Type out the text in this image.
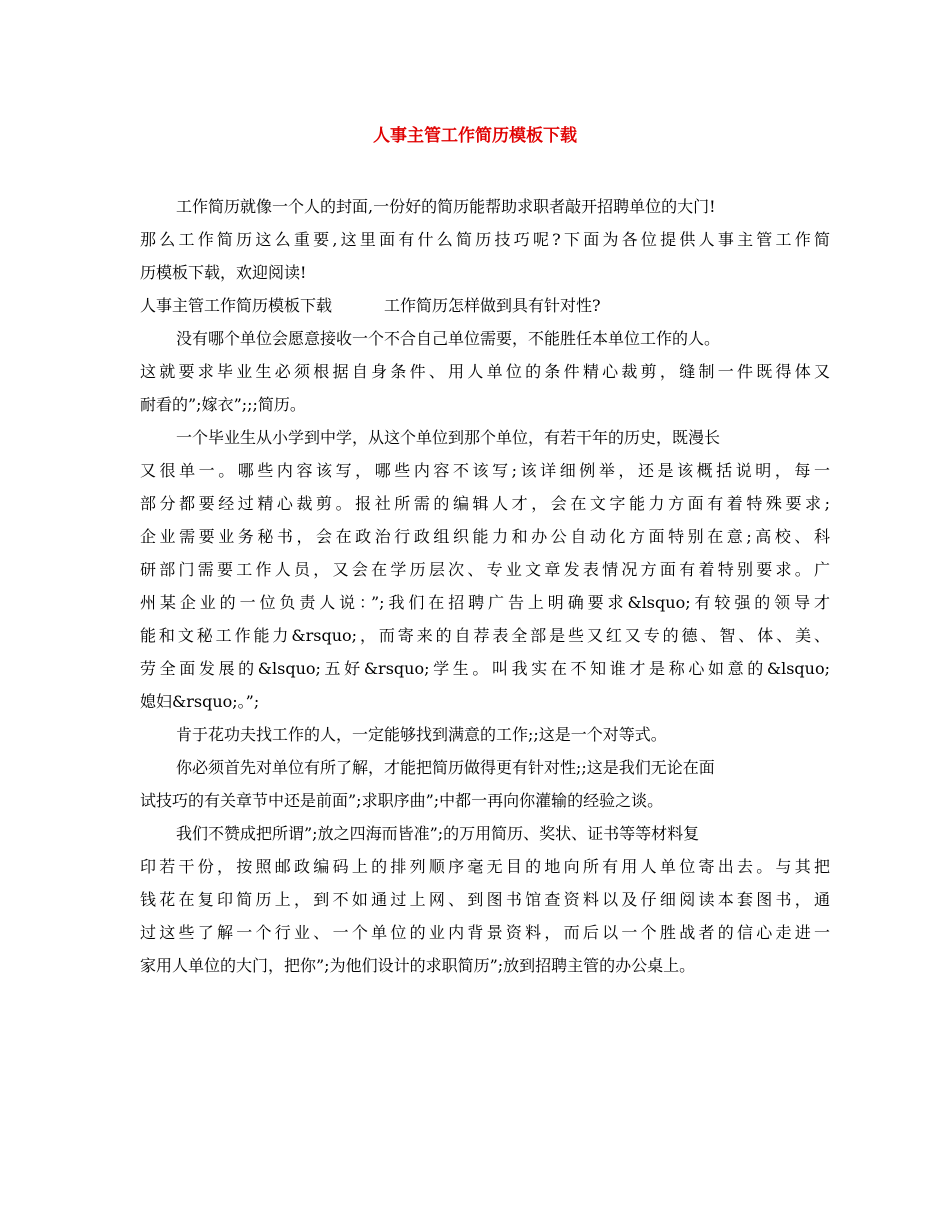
人事主管工作简历模板下载
工作简历就像一个人的封面,一份好的简历能帮助求职者敲开招聘单位的大门!
那么工作简历这么重要,这里面有什么简历技巧呢?下面为各位提供人事主管工作简
历模板下载，欢迎阅读!
人事主管工作简历模板下载	工作简历怎样做到具有针对性?
没有哪个单位会愿意接收一个不合自己单位需要，不能胜任本单位工作的人。
这就要求毕业生必须根据自身条件、用人单位的条件精心裁剪，缝制一件既得体又
耐看的”;嫁衣”;;;简历。
一个毕业生从小学到中学，从这个单位到那个单位，有若干年的历史，既漫长
又很单一。哪些内容该写，哪些内容不该写;该详细例举，还是该概括说明，每一
部分都要经过精心裁剪。报社所需的编辑人才，会在文字能力方面有着特殊要求;
企业需要业务秘书，会在政治行政组织能力和办公自动化方面特别在意;高校、科
研部门需要工作人员，又会在学历层次、专业文章发表情况方面有着特别要求。广
州某企业的一位负责人说：”;我们在招聘广告上明确要求&lsquo;有较强的领导才
能和文秘工作能力&rsquo;，而寄来的自荐表全部是些又红又专的德、智、体、美、
劳全面发展的&lsquo;五好&rsquo;学生。叫我实在不知谁才是称心如意的&lsquo;
媳妇&rsquo;。”;
肯于花功夫找工作的人，一定能够找到满意的工作;;这是一个对等式。
你必须首先对单位有所了解，才能把简历做得更有针对性;;这是我们无论在面
试技巧的有关章节中还是前面”;求职序曲”;中都一再向你灌输的经验之谈。
我们不赞成把所谓”;放之四海而皆准”;的万用简历、奖状、证书等等材料复
印若干份，按照邮政编码上的排列顺序毫无目的地向所有用人单位寄出去。与其把
钱花在复印简历上，到不如通过上网、到图书馆查资料以及仔细阅读本套图书，通
过这些了解一个行业、一个单位的业内背景资料，而后以一个胜战者的信心走进一
家用人单位的大门，把你”;为他们设计的求职简历”;放到招聘主管的办公桌上。
